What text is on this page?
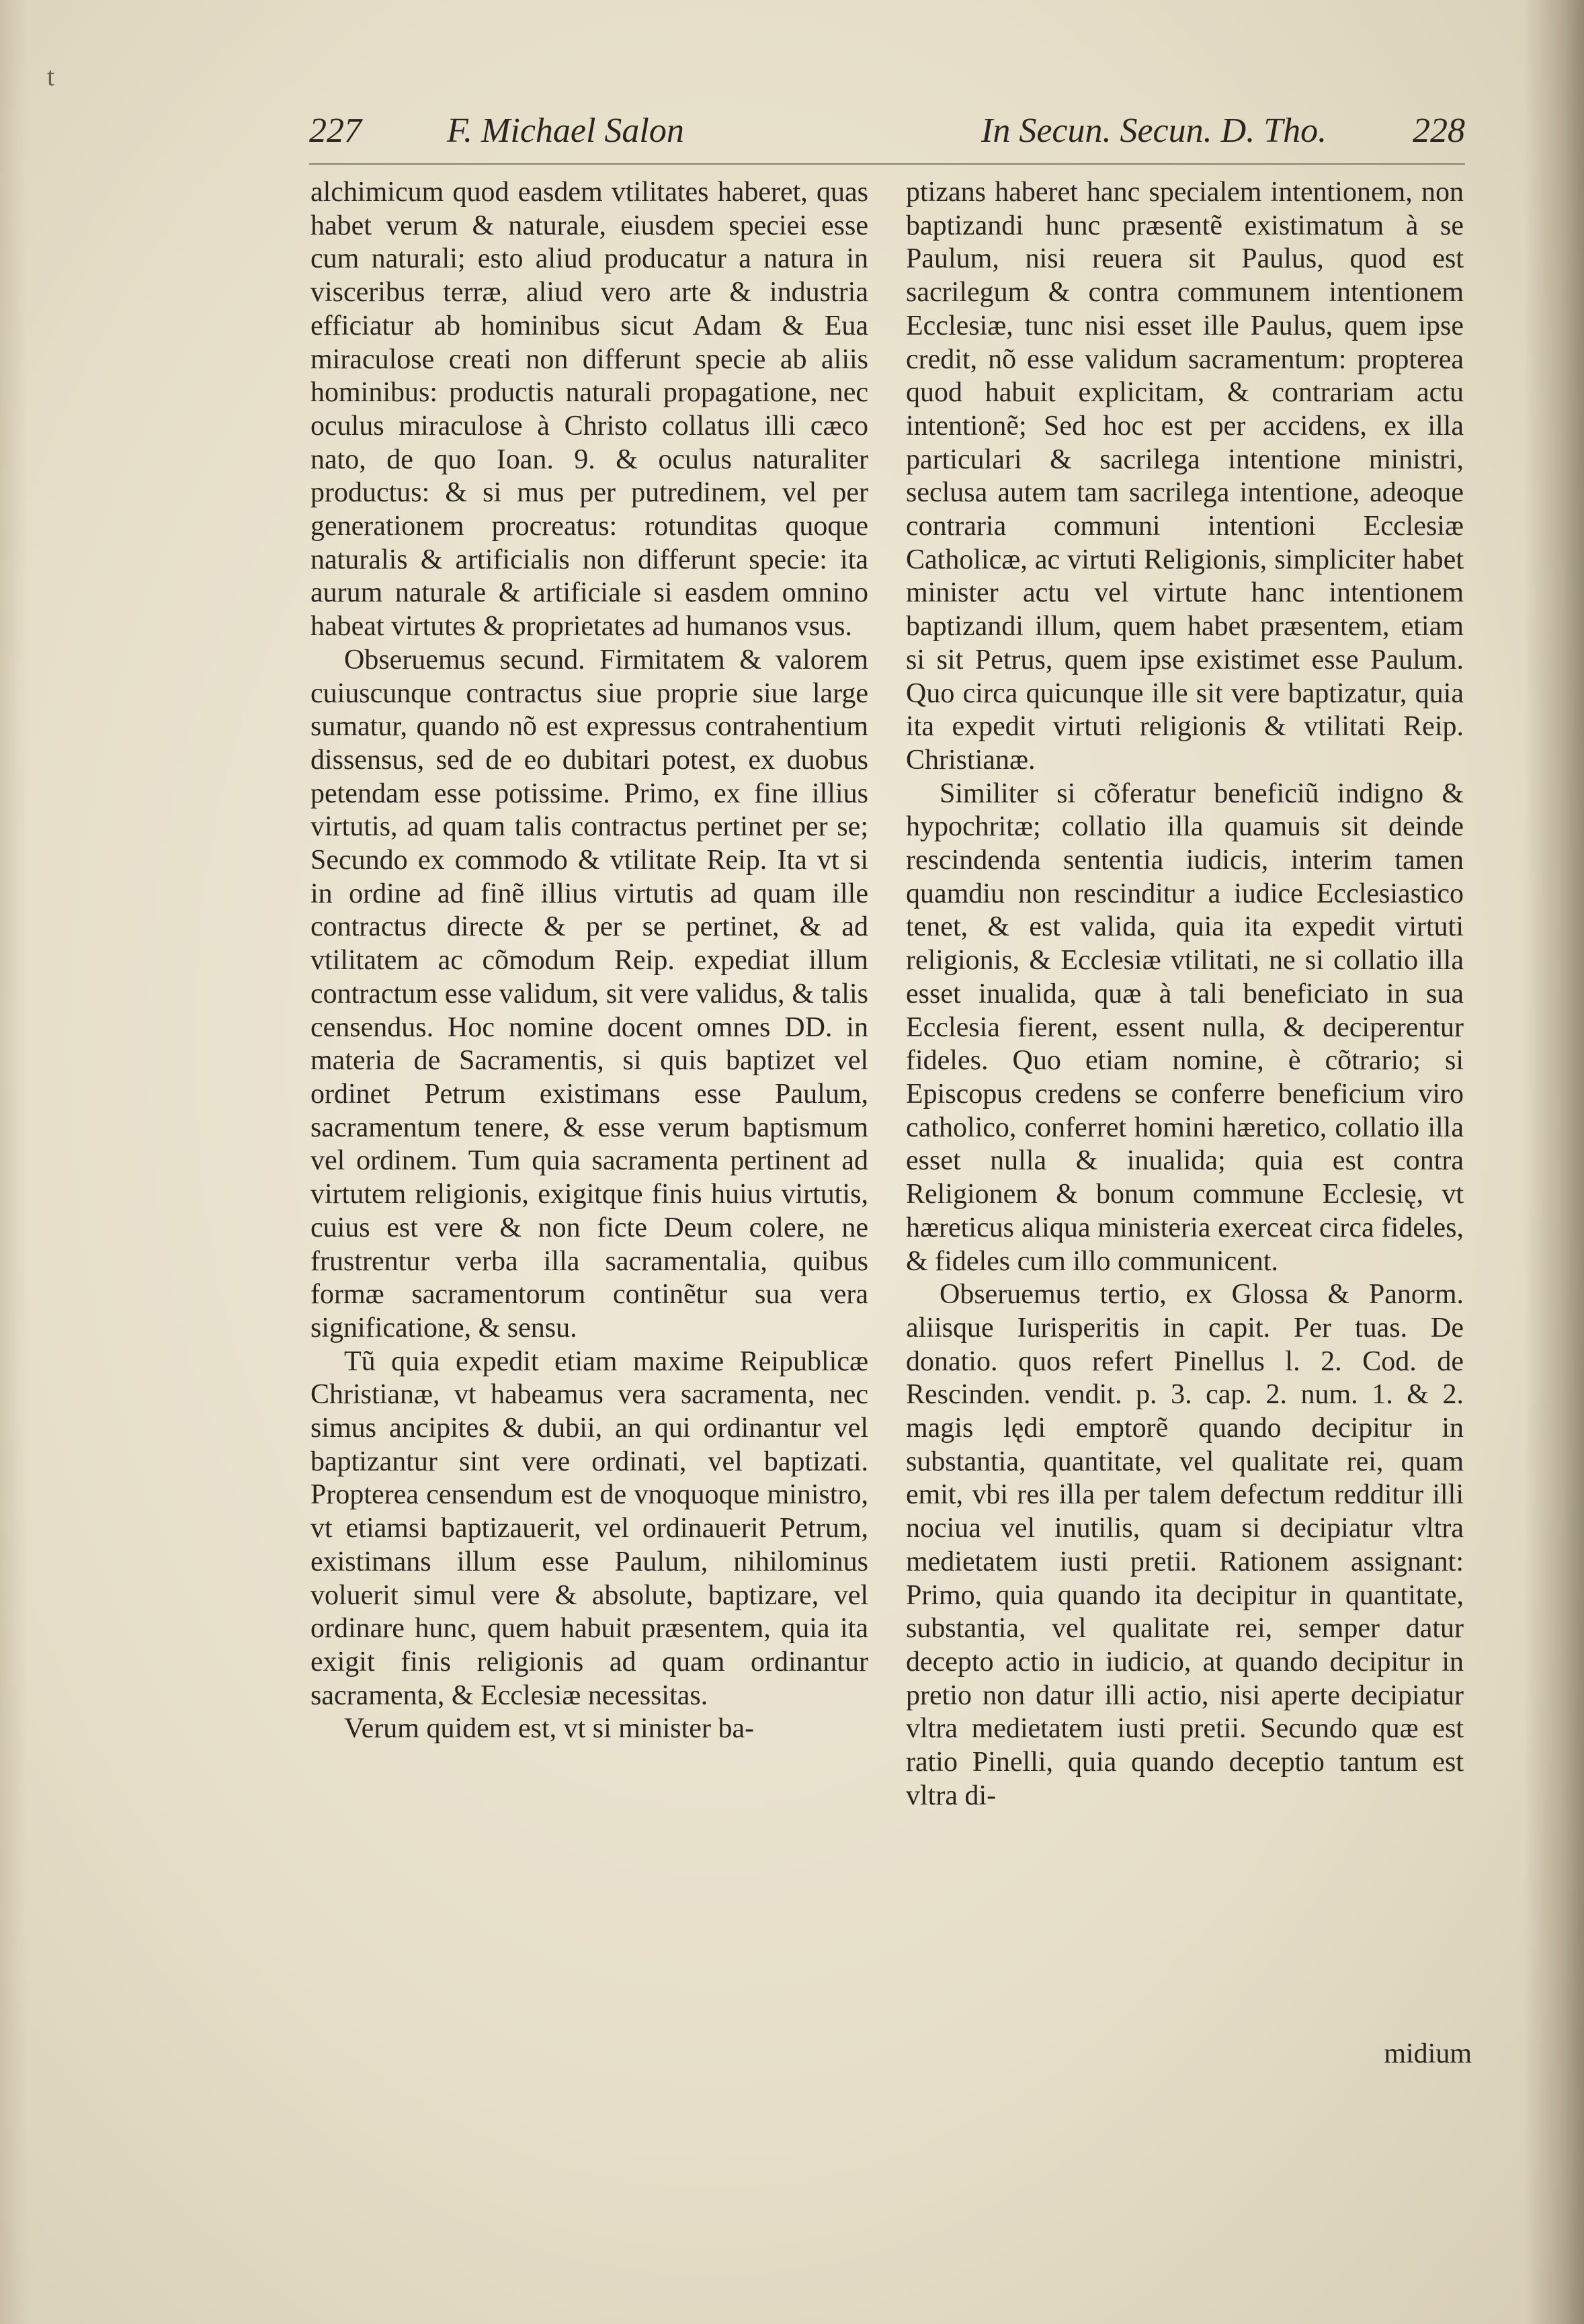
t
227 F. Michael Salon	In Secun. Secun. D. Tho. 228

alchimicum quod easdem vtilitates haberet, quas habet verum & naturale, eiusdem speciei esse cum naturali; esto aliud producatur a natura in visceribus terræ, aliud vero arte & industria efficiatur ab hominibus sicut Adam & Eua miraculose creati non differunt specie ab aliis hominibus: productis naturali propagatione, nec oculus miraculose à Christo collatus illi cæco nato, de quo Ioan. 9. & oculus naturaliter productus: & si mus per putredinem, vel per generationem procreatus: rotunditas quoque naturalis & artificialis non differunt specie: ita aurum naturale & artificiale si easdem omnino habeat virtutes & proprietates ad humanos vsus.

Obseruemus secund. Firmitatem & valorem cuiuscunque contractus siue proprie siue large sumatur, quando nõ est expressus contrahentium dissensus, sed de eo dubitari potest, ex duobus petendam esse potissime. Primo, ex fine illius virtutis, ad quam talis contractus pertinet per se; Secundo ex commodo & vtilitate Reip. Ita vt si in ordine ad finẽ illius virtutis ad quam ille contractus directe & per se pertinet, & ad vtilitatem ac cõmodum Reip. expediat illum contractum esse validum, sit vere validus, & talis censendus. Hoc nomine docent omnes DD. in materia de Sacramentis, si quis baptizet vel ordinet Petrum existimans esse Paulum, sacramentum tenere, & esse verum baptismum vel ordinem. Tum quia sacramenta pertinent ad virtutem religionis, exigitque finis huius virtutis, cuius est vere & non ficte Deum colere, ne frustrentur verba illa sacramentalia, quibus formæ sacramentorum continẽtur sua vera significatione, & sensu.

Tũ quia expedit etiam maxime Reipublicæ Christianæ, vt habeamus vera sacramenta, nec simus ancipites & dubii, an qui ordinantur vel baptizantur sint vere ordinati, vel baptizati. Propterea censendum est de vnoquoque ministro, vt etiamsi baptizauerit, vel ordinauerit Petrum, existimans illum esse Paulum, nihilominus voluerit simul vere & absolute, baptizare, vel ordinare hunc, quem habuit præsentem, quia ita exigit finis religionis ad quam ordinantur sacramenta, & Ecclesiæ necessitas.

Verum quidem est, vt si minister ba-

ptizans haberet hanc specialem intentionem, non baptizandi hunc præsentẽ existimatum à se Paulum, nisi reuera sit Paulus, quod est sacrilegum & contra communem intentionem Ecclesiæ, tunc nisi esset ille Paulus, quem ipse credit, nõ esse validum sacramentum: propterea quod habuit explicitam, & contrariam actu intentionẽ; Sed hoc est per accidens, ex illa particulari & sacrilega intentione ministri, seclusa autem tam sacrilega intentione, adeoque contraria communi intentioni Ecclesiæ Catholicæ, ac virtuti Religionis, simpliciter habet minister actu vel virtute hanc intentionem baptizandi illum, quem habet præsentem, etiam si sit Petrus, quem ipse existimet esse Paulum. Quo circa quicunque ille sit vere baptizatur, quia ita expedit virtuti religionis & vtilitati Reip. Christianæ.

Similiter si cõferatur beneficiũ indigno & hypochritæ; collatio illa quamuis sit deinde rescindenda sententia iudicis, interim tamen quamdiu non rescinditur a iudice Ecclesiastico tenet, & est valida, quia ita expedit virtuti religionis, & Ecclesiæ vtilitati, ne si collatio illa esset inualida, quæ à tali beneficiato in sua Ecclesia fierent, essent nulla, & deciperentur fideles. Quo etiam nomine, è cõtrario; si Episcopus credens se conferre beneficium viro catholico, conferret homini hæretico, collatio illa esset nulla & inualida; quia est contra Religionem & bonum commune Ecclesię, vt hæreticus aliqua ministeria exerceat circa fideles, & fideles cum illo communicent.

Obseruemus tertio, ex Glossa & Panorm. aliisque Iurisperitis in capit. Per tuas. De donatio. quos refert Pinellus l. 2. Cod. de Rescinden. vendit. p. 3. cap. 2. num. 1. & 2. magis lędi emptorẽ quando decipitur in substantia, quantitate, vel qualitate rei, quam emit, vbi res illa per talem defectum redditur illi nociua vel inutilis, quam si decipiatur vltra medietatem iusti pretii. Rationem assignant: Primo, quia quando ita decipitur in quantitate, substantia, vel qualitate rei, semper datur decepto actio in iudicio, at quando decipitur in pretio non datur illi actio, nisi aperte decipiatur vltra medietatem iusti pretii. Secundo quæ est ratio Pinelli, quia quando deceptio tantum est vltra di-

midium
